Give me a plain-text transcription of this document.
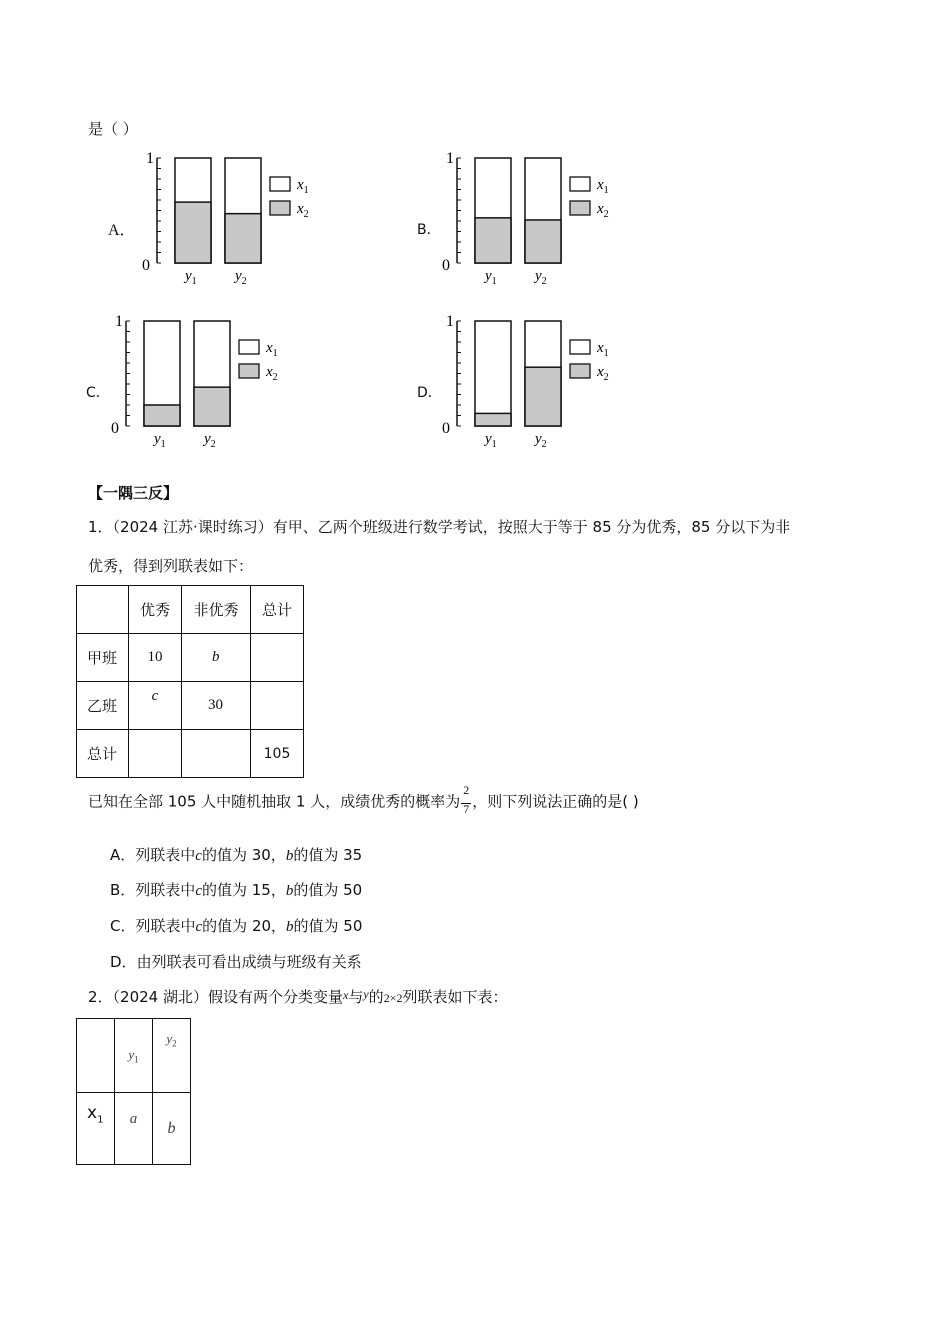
是（ ）
A．
1
0
$y_1$	$y_2$
$x_1$
$x_2$
B．
1
0
$y_1$	$y_2$
$x_1$
$x_2$
C．
1
0
$y_1$	$y_2$
$x_1$
$x_2$
D．
1
0
$y_1$	$y_2$
$x_1$
$x_2$
【一隅三反】
1．（2024 江苏·课时练习）有甲、乙两个班级进行数学考试，按照大于等于 85 分为优秀，85 分以下为非
优秀，得到列联表如下：
	优秀	非优秀	总计
甲班	10	b	
乙班	c	30	
总计			105
已知在全部 105 人中随机抽取 1 人，成绩优秀的概率为 $\frac{2}{7}$ ，则下列说法正确的是( )
A．列联表中c的值为 30，b的值为 35
B．列联表中c的值为 15，b的值为 50
C．列联表中c的值为 20，b的值为 50
D．由列联表可看出成绩与班级有关系
2．（2024 湖北）假设有两个分类变量$^x$与$^y$的2×2列联表如下表：
	$y_1$	$y_2$
$x_1$	a	b
